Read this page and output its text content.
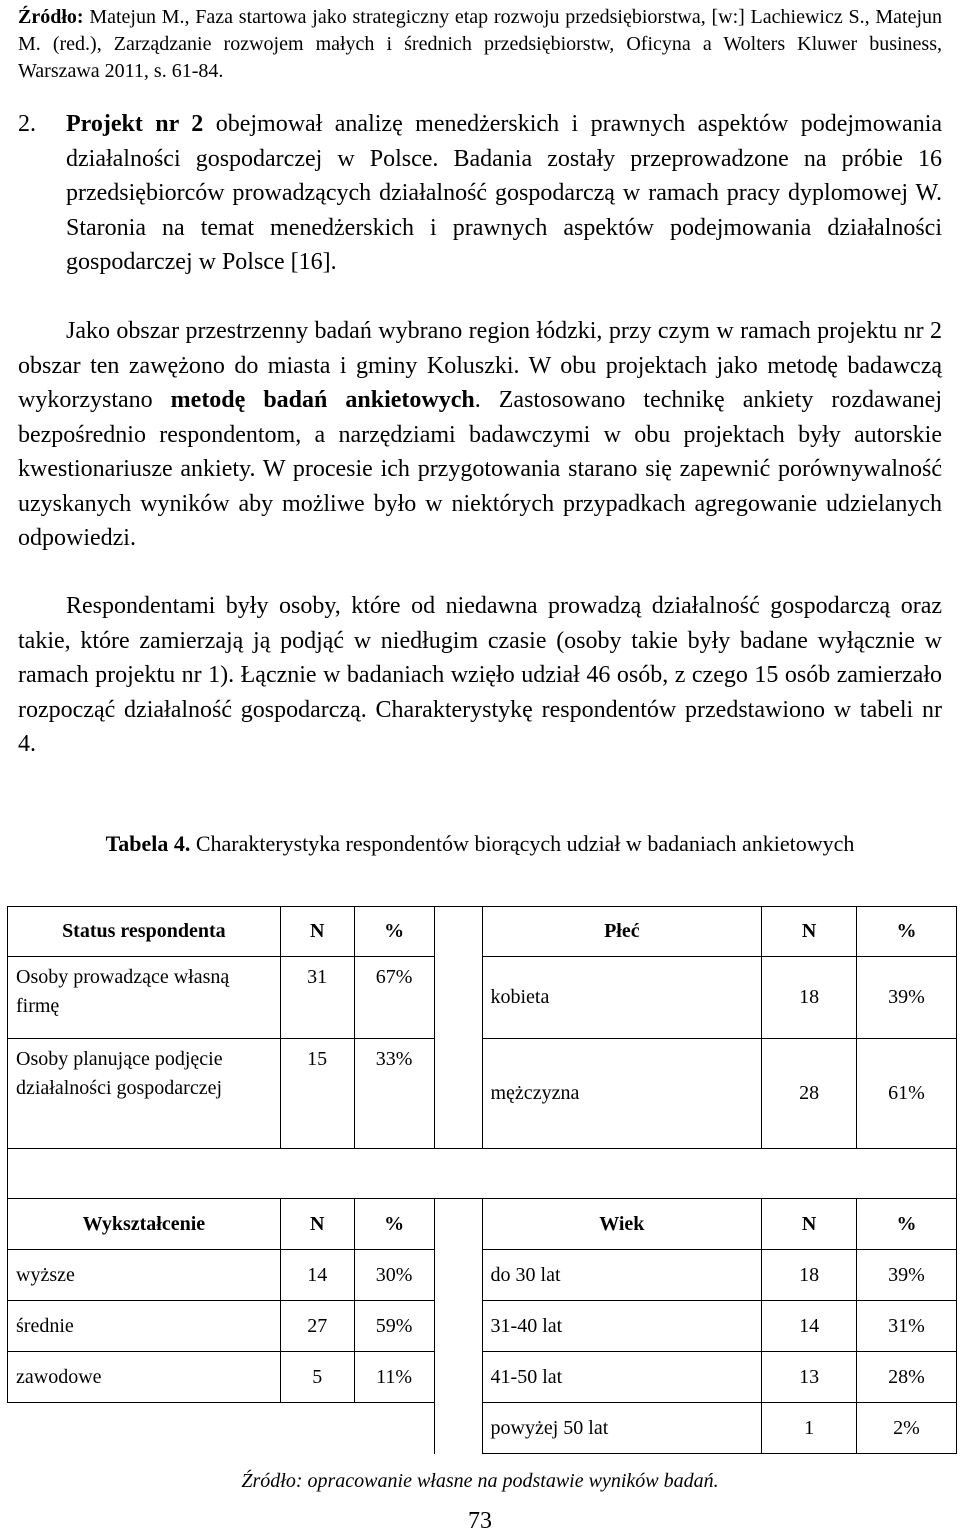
Źródło: Matejun M., Faza startowa jako strategiczny etap rozwoju przedsiębiorstwa, [w:] Lachiewicz S., Matejun M. (red.), Zarządzanie rozwojem małych i średnich przedsiębiorstw, Oficyna a Wolters Kluwer business, Warszawa 2011, s. 61-84.
2. Projekt nr 2 obejmował analizę menedżerskich i prawnych aspektów podejmowania działalności gospodarczej w Polsce. Badania zostały przeprowadzone na próbie 16 przedsiębiorców prowadzących działalność gospodarczą w ramach pracy dyplomowej W. Staronia na temat menedżerskich i prawnych aspektów podejmowania działalności gospodarczej w Polsce [16].
Jako obszar przestrzenny badań wybrano region łódzki, przy czym w ramach projektu nr 2 obszar ten zawężono do miasta i gminy Koluszki. W obu projektach jako metodę badawczą wykorzystano metodę badań ankietowych. Zastosowano technikę ankiety rozdawanej bezpośrednio respondentom, a narzędziami badawczymi w obu projektach były autorskie kwestionariusze ankiety. W procesie ich przygotowania starano się zapewnić porównywalność uzyskanych wyników aby możliwe było w niektórych przypadkach agregowanie udzielanych odpowiedzi.
Respondentami były osoby, które od niedawna prowadzą działalność gospodarczą oraz takie, które zamierzają ją podjąć w niedługim czasie (osoby takie były badane wyłącznie w ramach projektu nr 1). Łącznie w badaniach wzięło udział 46 osób, z czego 15 osób zamierzało rozpocząć działalność gospodarczą. Charakterystykę respondentów przedstawiono w tabeli nr 4.
Tabela 4. Charakterystyka respondentów biorących udział w badaniach ankietowych
Status respondenta	N	%		Płeć	N	%
Osoby prowadzące własną firmę	31	67%		kobieta	18	39%
Osoby planujące podjęcie działalności gospodarczej	15	33%		mężczyzna	28	61%

Wykształcenie	N	%		Wiek	N	%
wyższe	14	30%		do 30 lat	18	39%
średnie	27	59%		31-40 lat	14	31%
zawodowe	5	11%		41-50 lat	13	28%
				powyżej 50 lat	1	2%
Źródło: opracowanie własne na podstawie wyników badań.
73
